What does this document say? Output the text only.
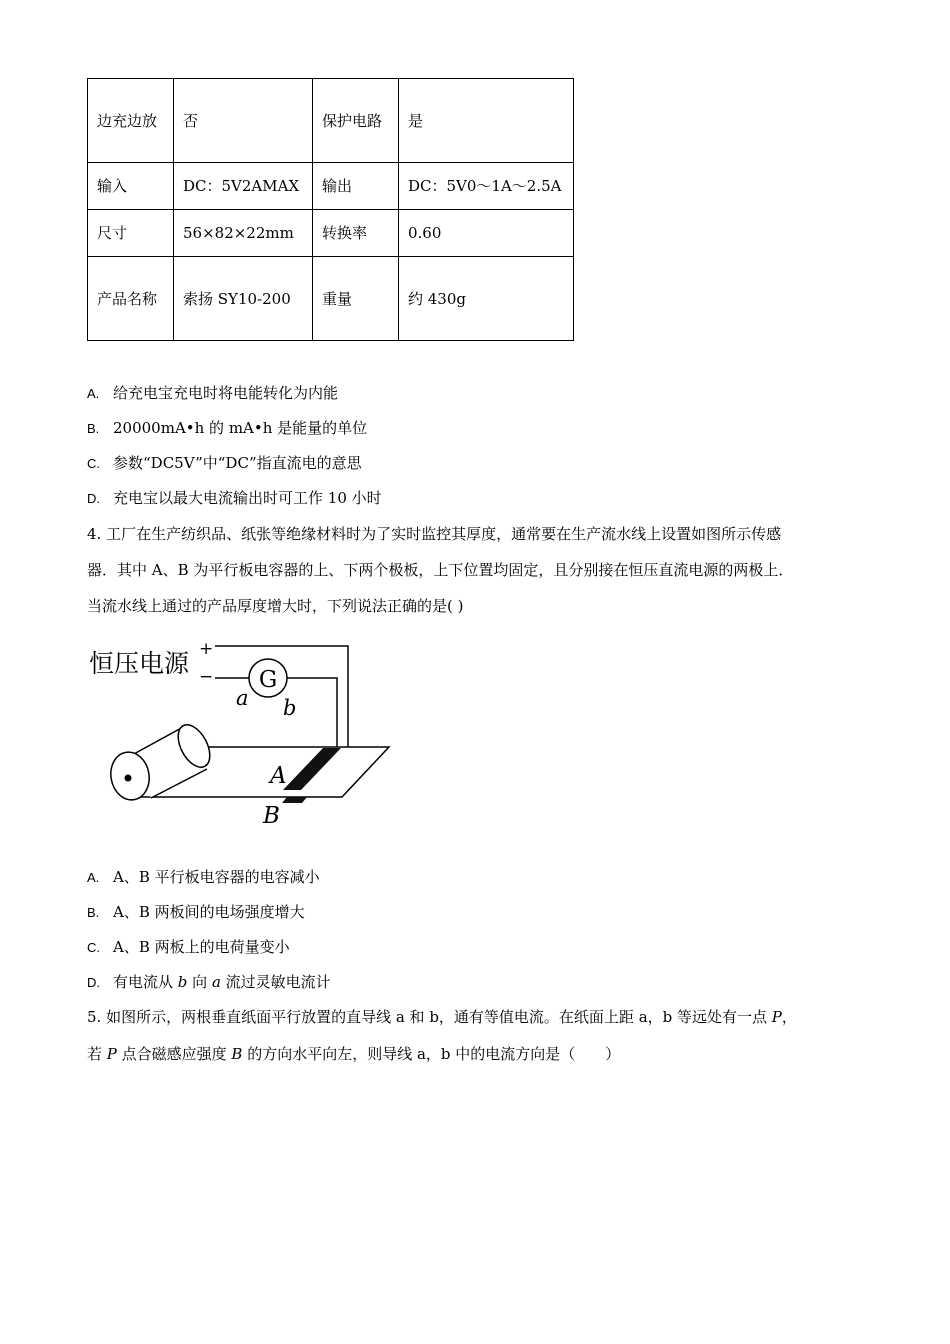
边充边放	否	保护电路	是
输入	DC：5V2AMAX	输出	DC：5V0～1A～2.5A
尺寸	56×82×22mm	转换率	0.60
产品名称	索扬 SY10-200	重量	约 430g
A. 给充电宝充电时将电能转化为内能
B. 20000mA•h 的 mA•h 是能量的单位
C. 参数“DC5V”中“DC”指直流电的意思
D. 充电宝以最大电流输出时可工作 10 小时
4. 工厂在生产纺织品、纸张等绝缘材料时为了实时监控其厚度，通常要在生产流水线上设置如图所示传感
器．其中 A、B 为平行板电容器的上、下两个极板，上下位置均固定，且分别接在恒压直流电源的两极上．
当流水线上通过的产品厚度增大时，下列说法正确的是( )
恒压电源 +
− G
a b
A
B
A. A、B 平行板电容器的电容减小
B. A、B 两板间的电场强度增大
C. A、B 两板上的电荷量变小
D. 有电流从 b 向 a 流过灵敏电流计
5. 如图所示，两根垂直纸面平行放置的直导线 a 和 b，通有等值电流。在纸面上距 a，b 等远处有一点 P，
若 P 点合磁感应强度 B 的方向水平向左，则导线 a，b 中的电流方向是（　　）
